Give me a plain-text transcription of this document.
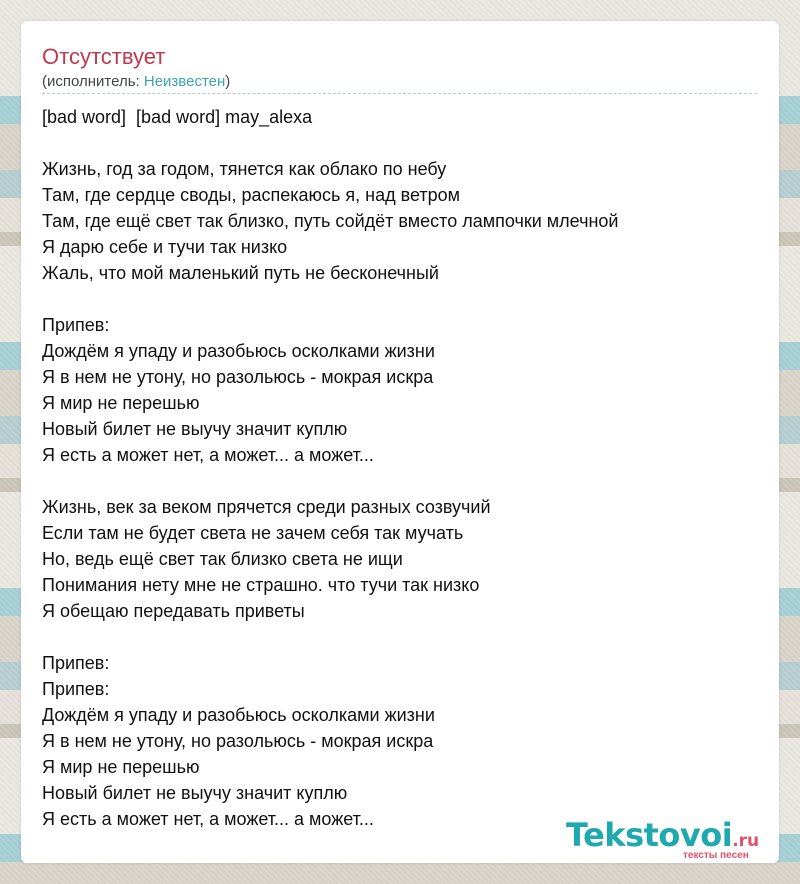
Отсутствует
(исполнитель: Неизвестен)
[bad word]  [bad word] may_alexa
Жизнь, год за годом, тянется как облако по небу
Там, где сердце своды, распекаюсь я, над ветром
Там, где ещё свет так близко, путь сойдёт вместо лампочки млечной
Я дарю себе и тучи так низко
Жаль, что мой маленький путь не бесконечный
Припев:
Дождём я упаду и разобьюсь осколками жизни
Я в нем не утону, но разольюсь - мокрая искра
Я мир не перешью
Новый билет не выучу значит куплю
Я есть а может нет, а может... а может...
Жизнь, век за веком прячется среди разных созвучий
Если там не будет света не зачем себя так мучать
Но, ведь ещё свет так близко света не ищи
Понимания нету мне не страшно. что тучи так низко
Я обещаю передавать приветы
Припев:
Припев:
Дождём я упаду и разобьюсь осколками жизни
Я в нем не утону, но разольюсь - мокрая искра
Я мир не перешью
Новый билет не выучу значит куплю
Я есть а может нет, а может... а может...	Tekstovoi.ru
тексты песен
